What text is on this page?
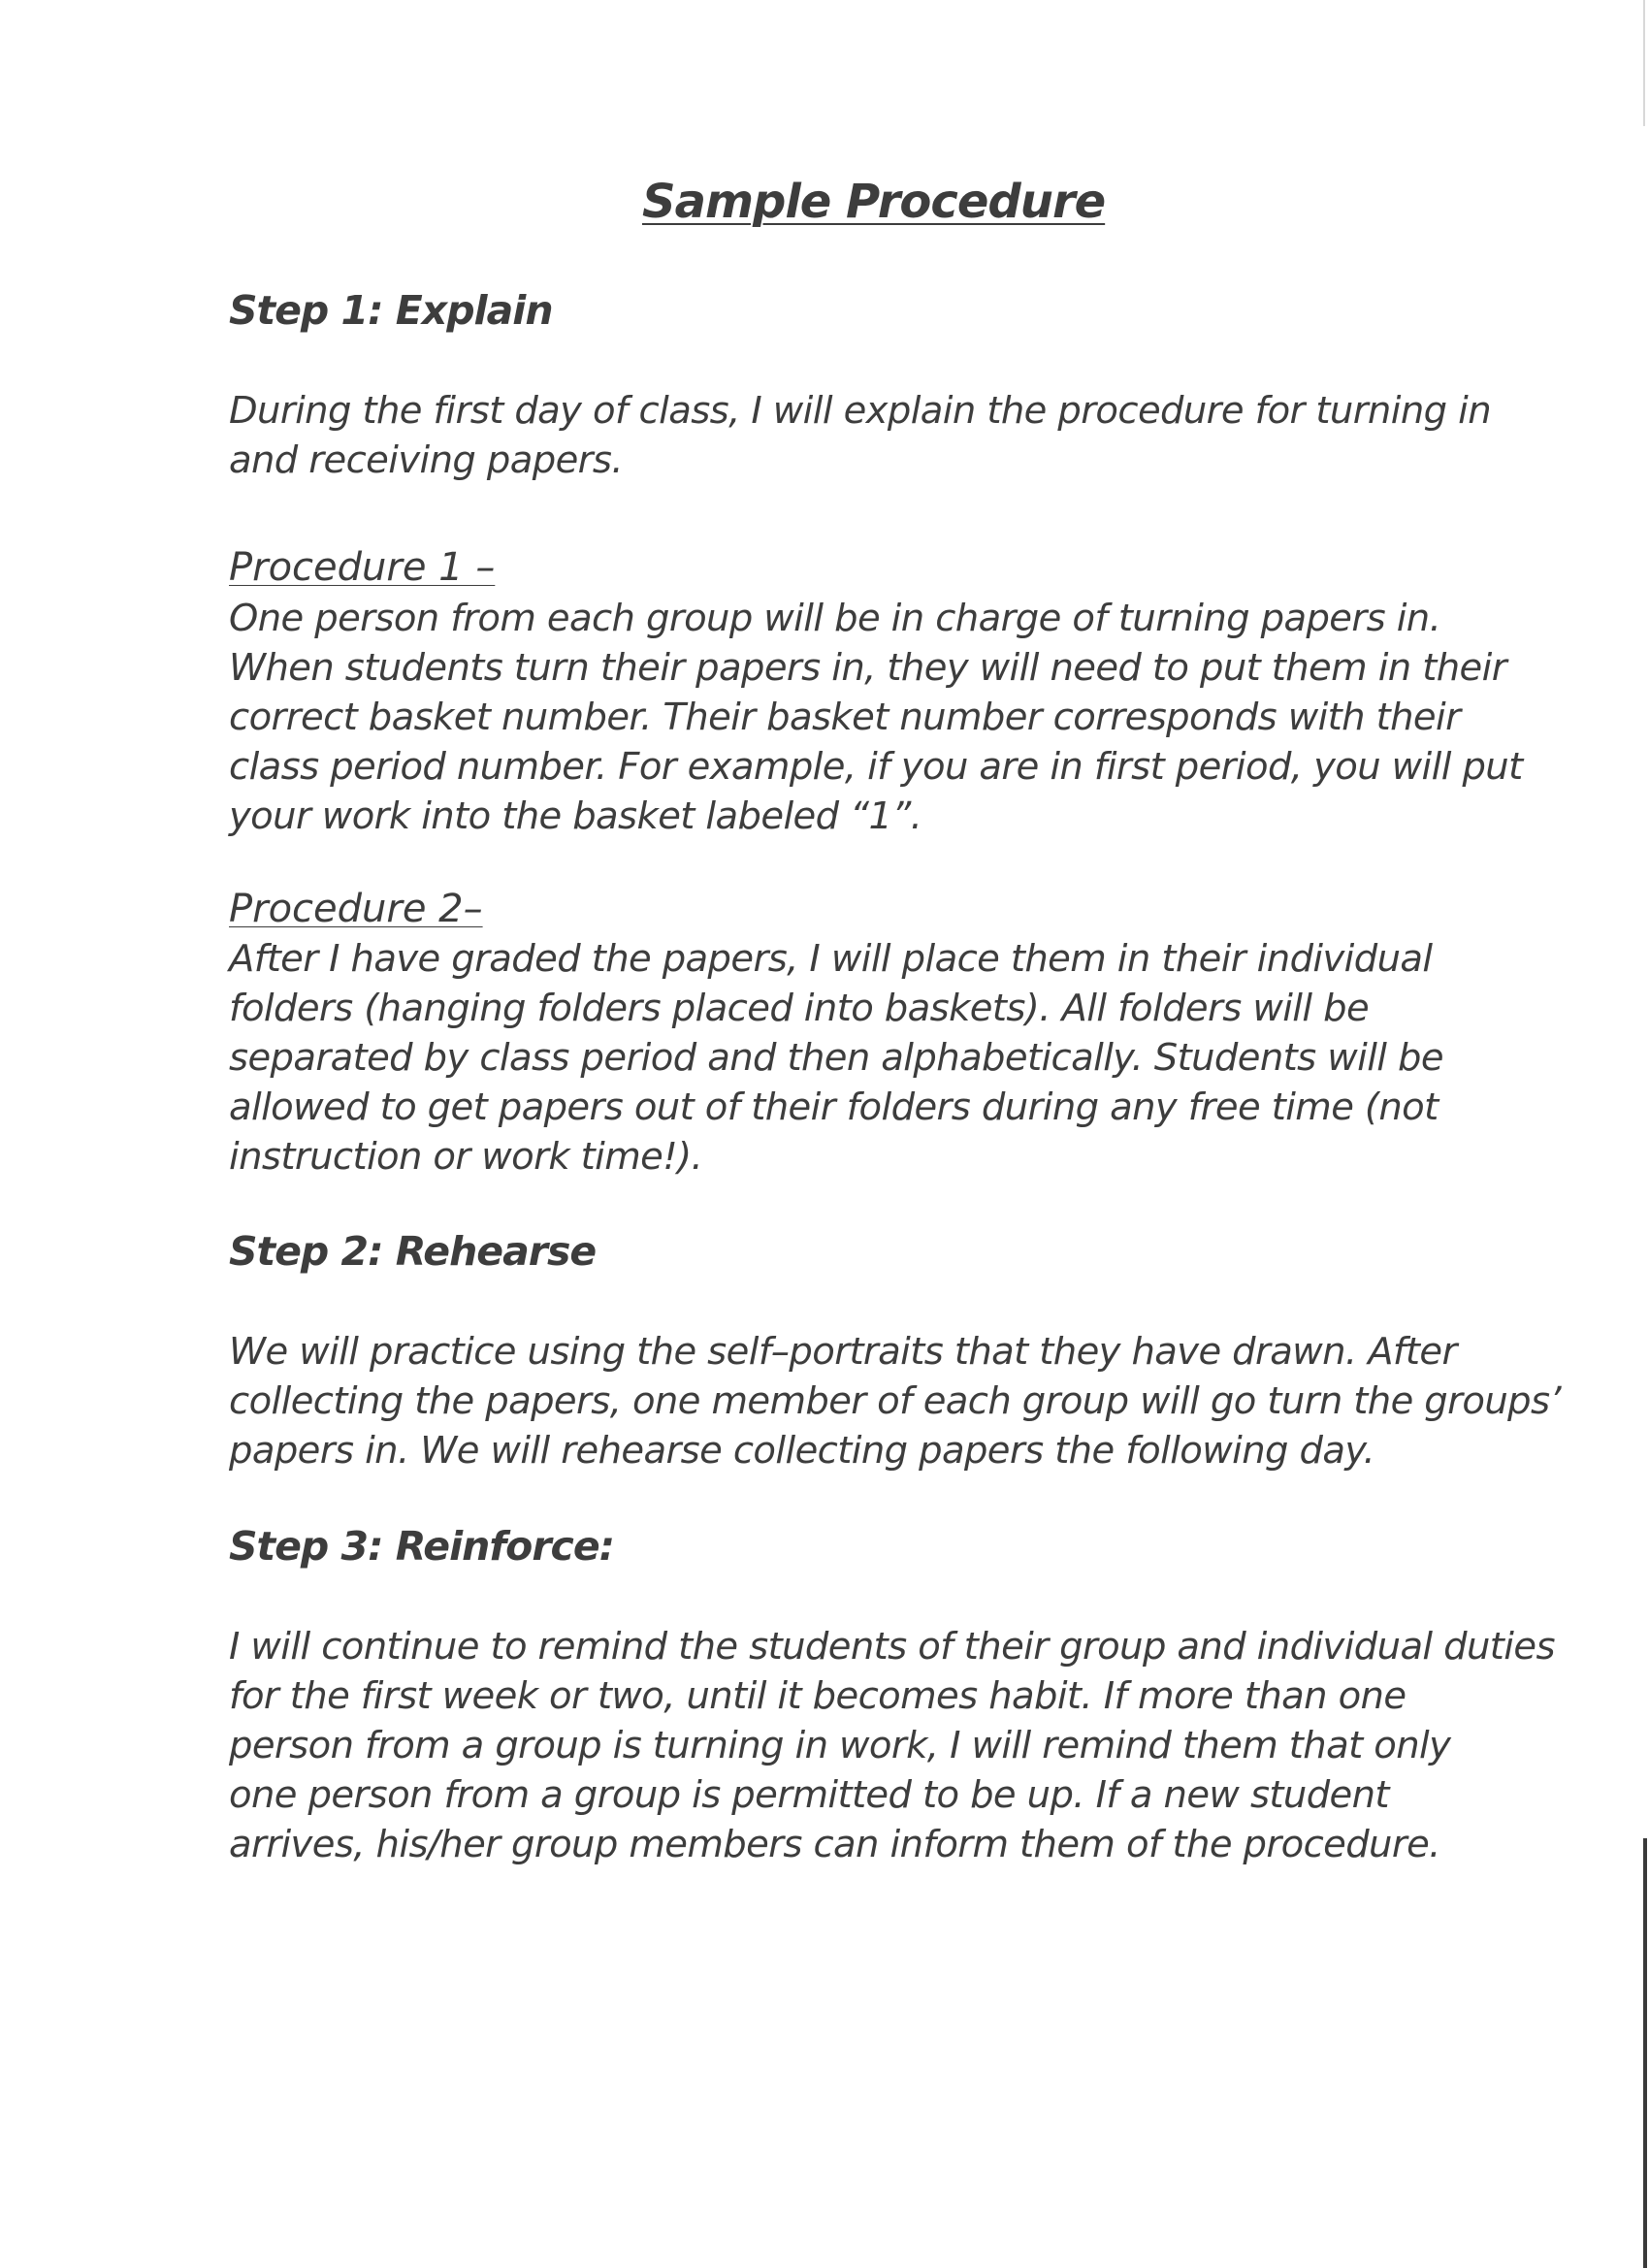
Sample Procedure
Step 1: Explain
During the first day of class, I will explain the procedure for turning in
and receiving papers.
Procedure 1 –
One person from each group will be in charge of turning papers in.
When students turn their papers in, they will need to put them in their
correct basket number. Their basket number corresponds with their
class period number. For example, if you are in first period, you will put
your work into the basket labeled “1”.
Procedure 2–
After I have graded the papers, I will place them in their individual
folders (hanging folders placed into baskets). All folders will be
separated by class period and then alphabetically. Students will be
allowed to get papers out of their folders during any free time (not
instruction or work time!).
Step 2: Rehearse
We will practice using the self–portraits that they have drawn. After
collecting the papers, one member of each group will go turn the groups’
papers in. We will rehearse collecting papers the following day.
Step 3: Reinforce:
I will continue to remind the students of their group and individual duties
for the first week or two, until it becomes habit. If more than one
person from a group is turning in work, I will remind them that only
one person from a group is permitted to be up. If a new student
arrives, his/her group members can inform them of the procedure.
